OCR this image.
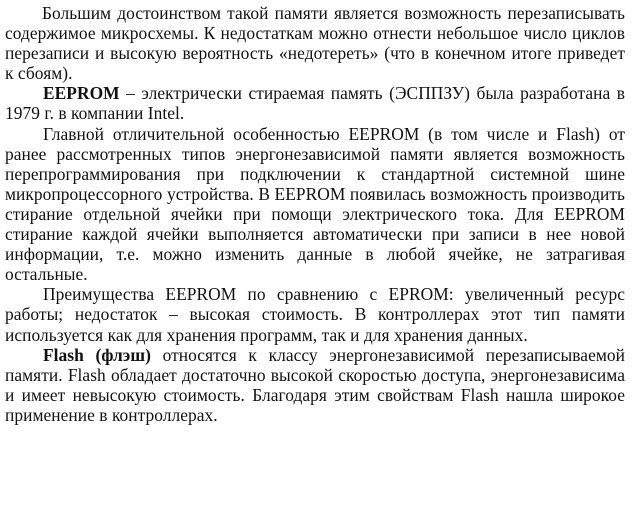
Большим достоинством такой памяти является возможность перезаписывать содержимое микросхемы. К недостаткам можно отнести небольшое число циклов перезаписи и высокую вероятность «недотереть» (что в конечном итоге приведет к сбоям).

EEPROM – электрически стираемая память (ЭСППЗУ) была разработана в 1979 г. в компании Intel.

Главной отличительной особенностью EEPROM (в том числе и Flash) от ранее рассмотренных типов энергонезависимой памяти является возможность перепрограммирования при подключении к стандартной системной шине микропроцессорного устройства. В EEPROM появилась возможность производить стирание отдельной ячейки при помощи электрического тока. Для EEPROM стирание каждой ячейки выполняется автоматически при записи в нее новой информации, т.е. можно изменить данные в любой ячейке, не затрагивая остальные.

Преимущества EEPROM по сравнению с EPROM: увеличенный ресурс работы; недостаток – высокая стоимость. В контроллерах этот тип памяти используется как для хранения программ, так и для хранения данных.

Flash (флэш) относятся к классу энергонезависимой перезаписываемой памяти. Flash обладает достаточно высокой скоростью доступа, энергонезависима и имеет невысокую стоимость. Благодаря этим свойствам Flash нашла широкое применение в контроллерах.
